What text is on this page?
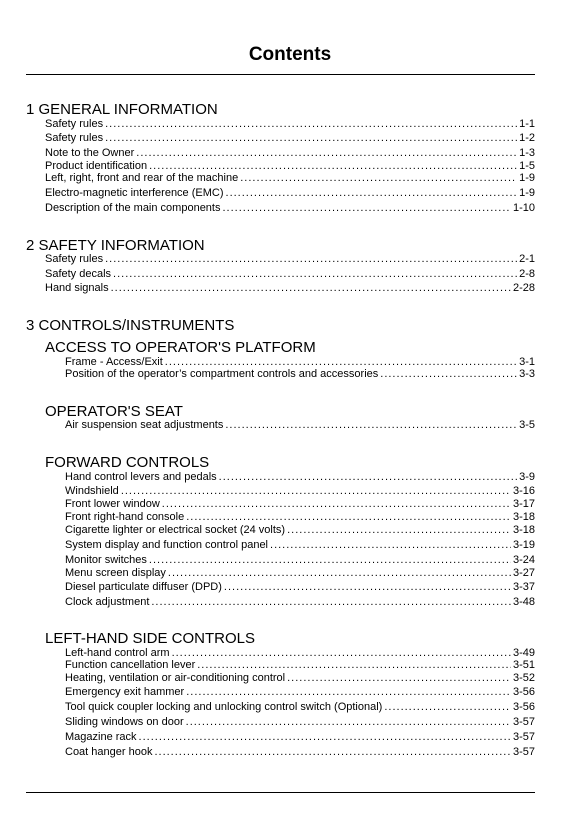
Contents
1 GENERAL INFORMATION
Safety rules .....	1-1
Safety rules .....	1-2
Note to the Owner .....	1-3
Product identification .....	1-5
Left, right, front and rear of the machine .....	1-9
Electro-magnetic interference (EMC) .....	1-9
Description of the main components .....	1-10
2 SAFETY INFORMATION
Safety rules .....	2-1
Safety decals .....	2-8
Hand signals .....	2-28
3 CONTROLS/INSTRUMENTS
ACCESS TO OPERATOR'S PLATFORM
Frame - Access/Exit .....	3-1
Position of the operator’s compartment controls and accessories .....	3-3
OPERATOR'S SEAT
Air suspension seat adjustments .....	3-5
FORWARD CONTROLS
Hand control levers and pedals .....	3-9
Windshield .....	3-16
Front lower window .....	3-17
Front right-hand console .....	3-18
Cigarette lighter or electrical socket (24 volts) .....	3-18
System display and function control panel .....	3-19
Monitor switches .....	3-24
Menu screen display .....	3-27
Diesel particulate diffuser (DPD) .....	3-37
Clock adjustment .....	3-48
LEFT-HAND SIDE CONTROLS
Left-hand control arm .....	3-49
Function cancellation lever .....	3-51
Heating, ventilation or air-conditioning control .....	3-52
Emergency exit hammer .....	3-56
Tool quick coupler locking and unlocking control switch (Optional) .....	3-56
Sliding windows on door .....	3-57
Magazine rack .....	3-57
Coat hanger hook .....	3-57
